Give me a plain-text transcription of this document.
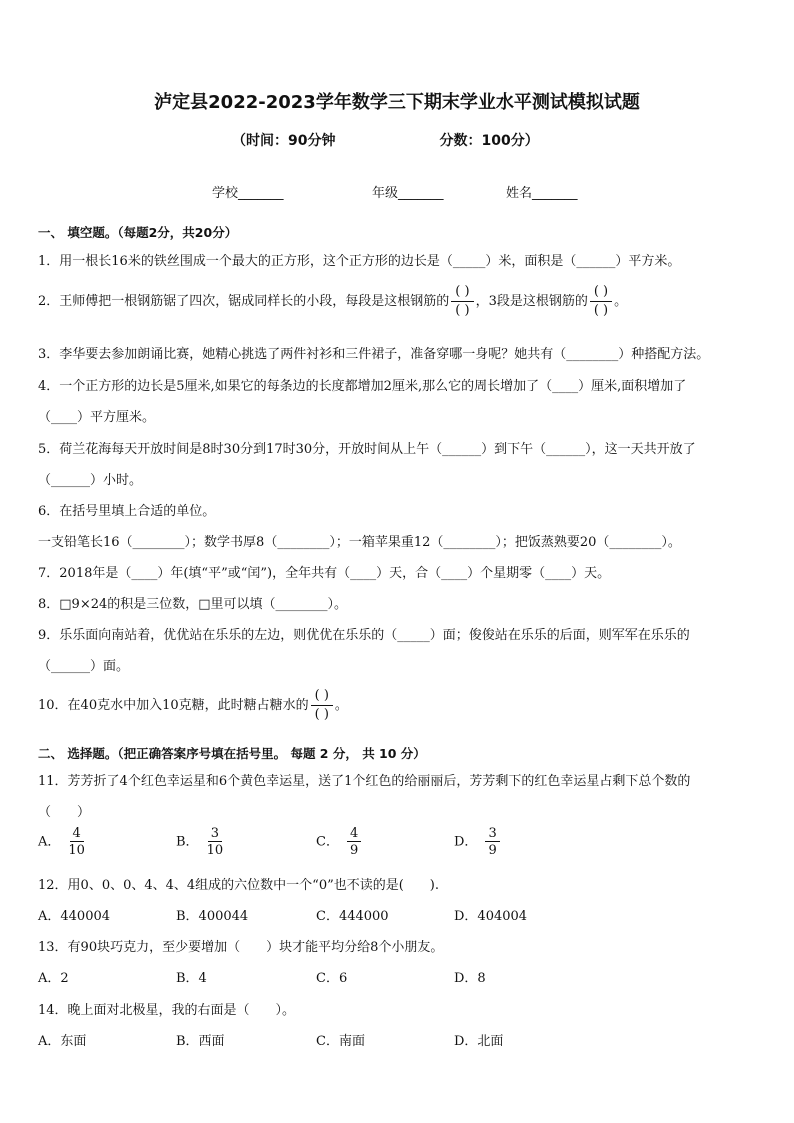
泸定县2022-2023学年数学三下期末学业水平测试模拟试题
（时间：90分钟	分数：100分）
学校_______	年级_______	姓名_______
一、 填空题。（每题2分，共20分）
1．用一根长16米的铁丝围成一个最大的正方形，这个正方形的边长是（_____）米，面积是（______）平方米。
2．王师傅把一根钢筋锯了四次，锯成同样长的小段，每段是这根钢筋的 $\frac{( )}{( )}$ ，3段是这根钢筋的 $\frac{( )}{( )}$ 。
3．李华要去参加朗诵比赛，她精心挑选了两件衬衫和三件裙子，准备穿哪一身呢？她共有（________）种搭配方法。
4．一个正方形的边长是5厘米,如果它的每条边的长度都增加2厘米,那么它的周长增加了（____）厘米,面积增加了
（____）平方厘米。
5．荷兰花海每天开放时间是8时30分到17时30分，开放时间从上午（______）到下午（______），这一天共开放了
（______）小时。
6．在括号里填上合适的单位。
一支铅笔长16（________）；数学书厚8（________）；一箱苹果重12（________）；把饭蒸熟要20（________）。
7．2018年是（____）年(填“平”或“闰”)，全年共有（____）天，合（____）个星期零（____）天。
8．□9×24的积是三位数，□里可以填（________）。
9．乐乐面向南站着，优优站在乐乐的左边，则优优在乐乐的（_____）面；俊俊站在乐乐的后面，则军军在乐乐的
（______）面。
10．在40克水中加入10克糖，此时糖占糖水的 $\frac{( )}{( )}$ 。
二、 选择题。（把正确答案序号填在括号里。 每题 2 分， 共 10 分）
11．芳芳折了4个红色幸运星和6个黄色幸运星，送了1个红色的给丽丽后，芳芳剩下的红色幸运星占剩下总个数的
（　　）
A． $\frac{4}{10}$	B． $\frac{3}{10}$	C． $\frac{4}{9}$	D． $\frac{3}{9}$
12．用0、0、0、4、4、4组成的六位数中一个“0”也不读的是(　　).
A．440004	B．400044	C．444000	D．404004
13．有90块巧克力，至少要增加（　　）块才能平均分给8个小朋友。
A．2	B．4	C．6	D．8
14．晚上面对北极星，我的右面是（　　）。
A．东面	B．西面	C．南面	D．北面
